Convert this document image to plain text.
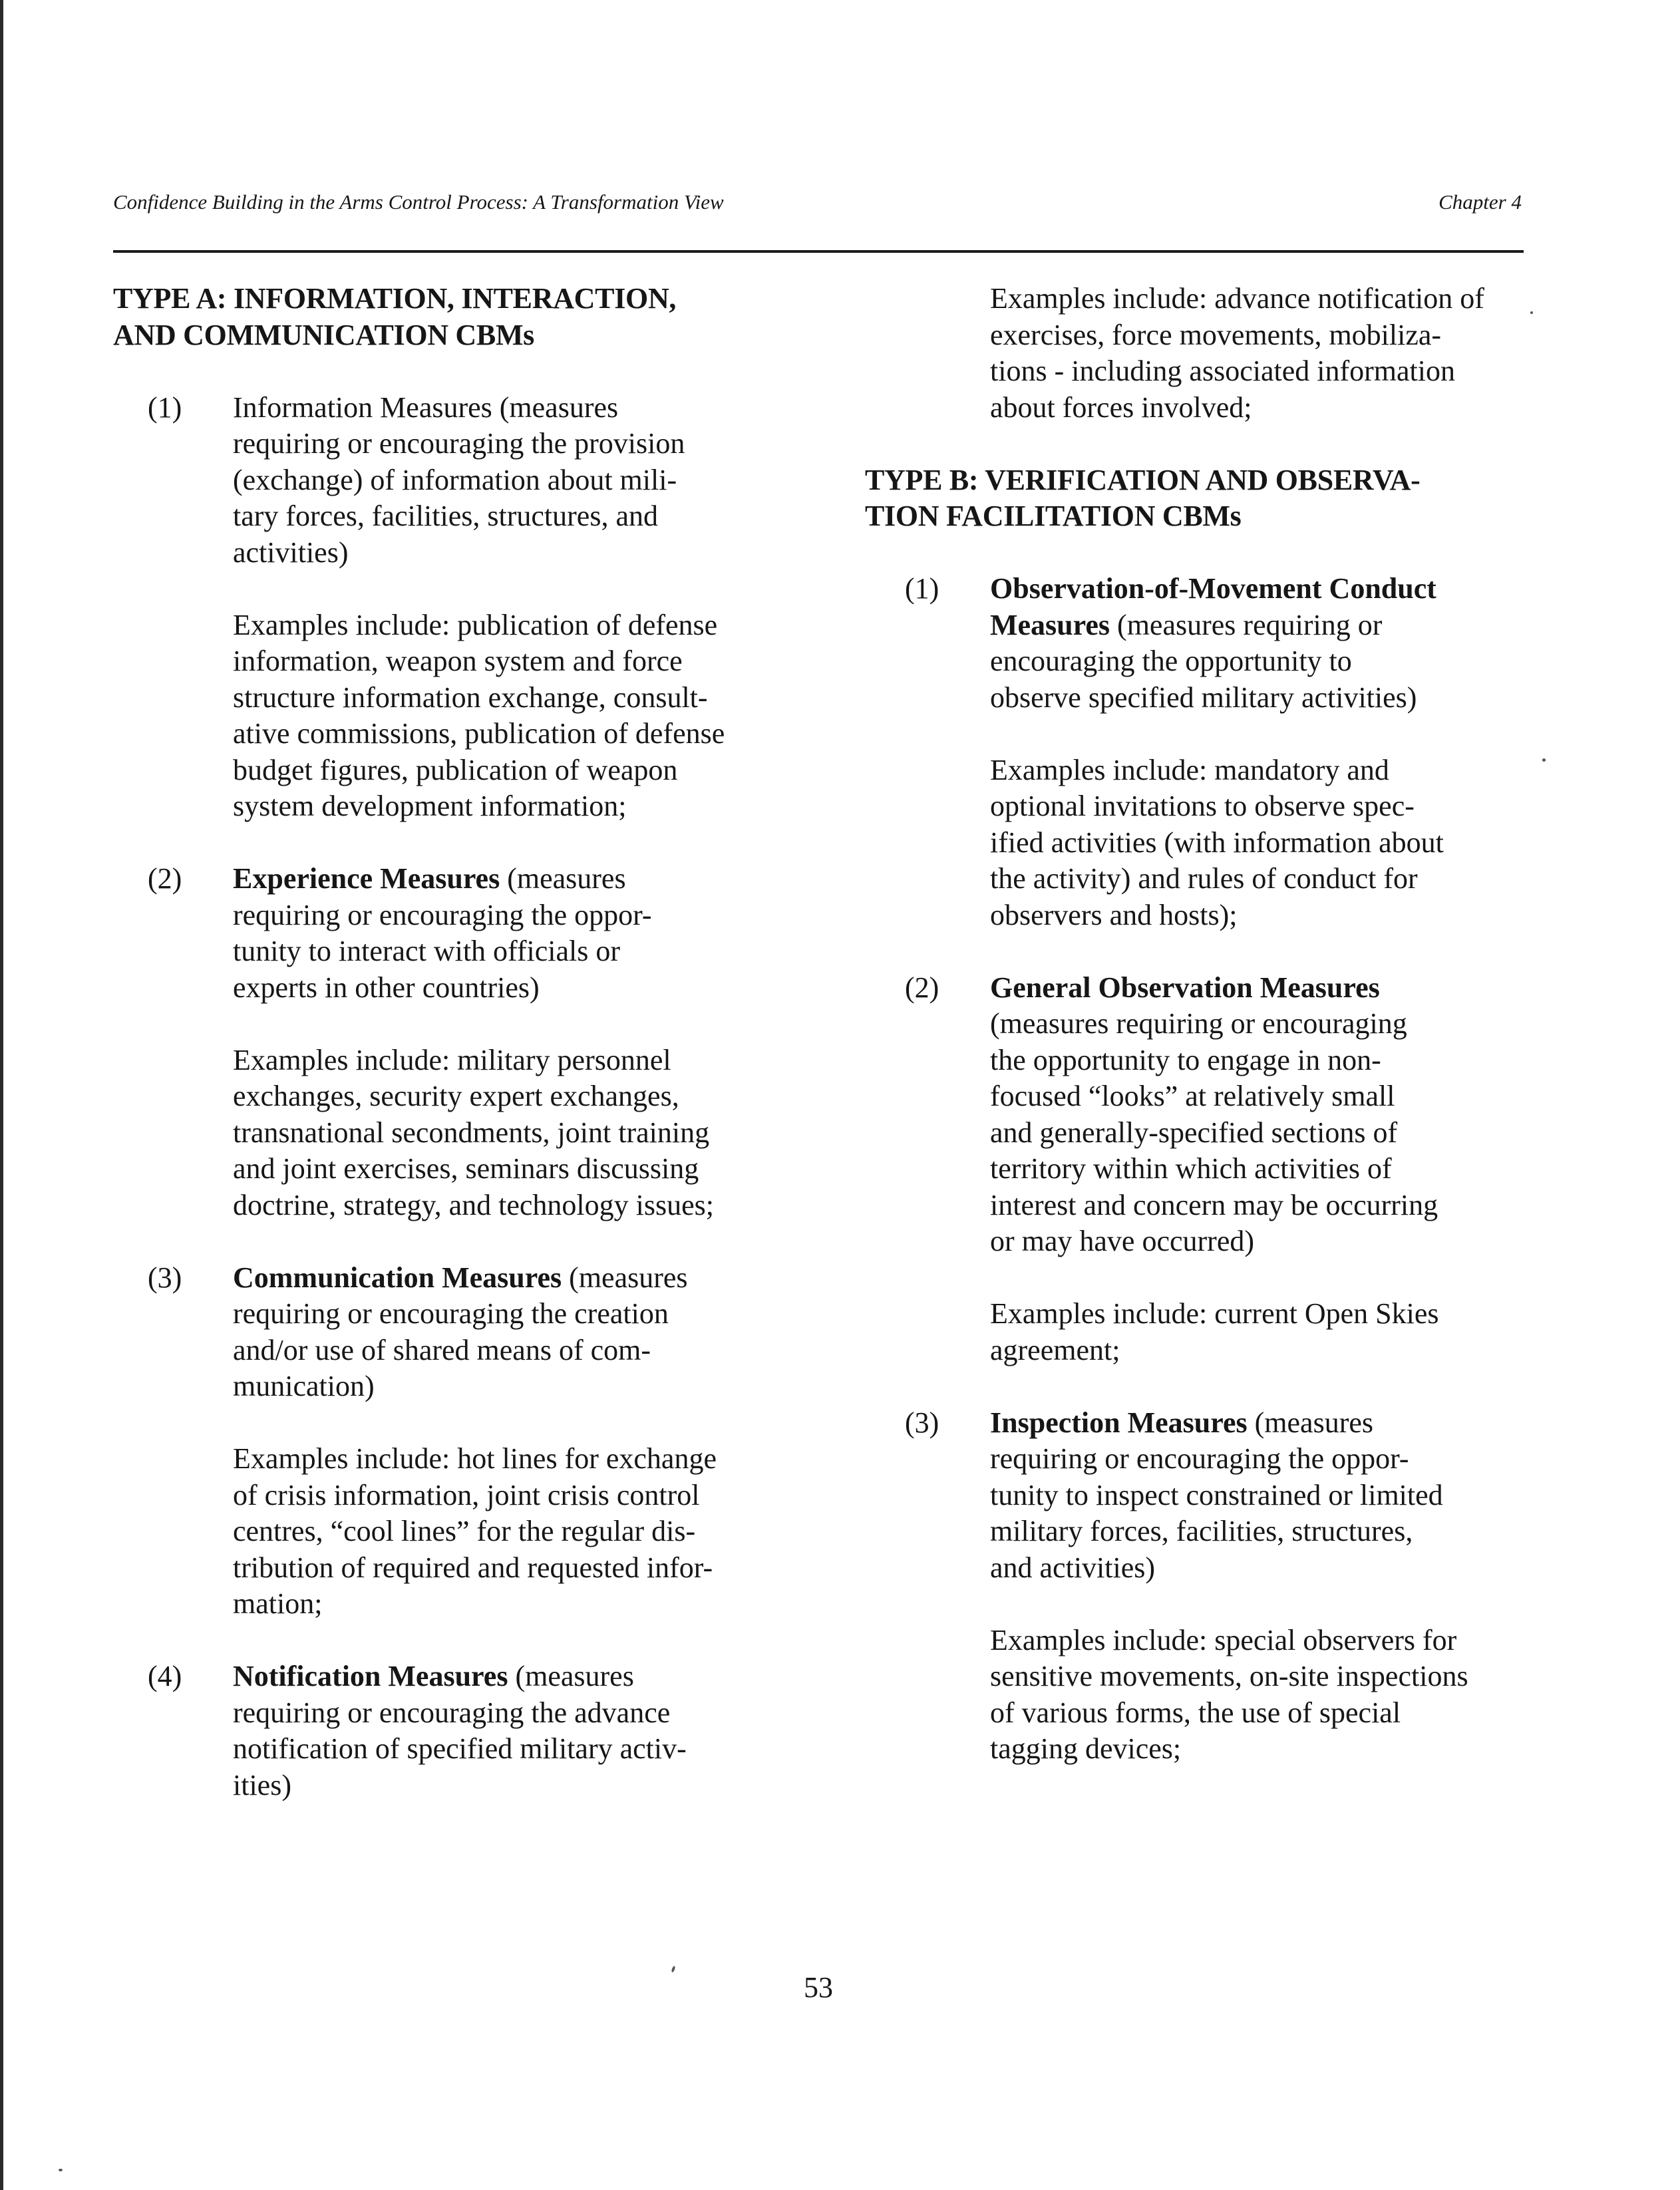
Confidence Building in the Arms Control Process: A Transformation View	Chapter 4

TYPE A: INFORMATION, INTERACTION,
AND COMMUNICATION CBMs

(1) Information Measures (measures
requiring or encouraging the provision
(exchange) of information about mili-
tary forces, facilities, structures, and
activities)

Examples include: publication of defense
information, weapon system and force
structure information exchange, consult-
ative commissions, publication of defense
budget figures, publication of weapon
system development information;

(2) Experience Measures (measures
requiring or encouraging the oppor-
tunity to interact with officials or
experts in other countries)

Examples include: military personnel
exchanges, security expert exchanges,
transnational secondments, joint training
and joint exercises, seminars discussing
doctrine, strategy, and technology issues;

(3) Communication Measures (measures
requiring or encouraging the creation
and/or use of shared means of com-
munication)

Examples include: hot lines for exchange
of crisis information, joint crisis control
centres, “cool lines” for the regular dis-
tribution of required and requested infor-
mation;

(4) Notification Measures (measures
requiring or encouraging the advance
notification of specified military activ-
ities)

Examples include: advance notification of
exercises, force movements, mobiliza-
tions - including associated information
about forces involved;

TYPE B: VERIFICATION AND OBSERVA-
TION FACILITATION CBMs

(1) Observation-of-Movement Conduct
Measures (measures requiring or
encouraging the opportunity to
observe specified military activities)

Examples include: mandatory and
optional invitations to observe spec-
ified activities (with information about
the activity) and rules of conduct for
observers and hosts);

(2) General Observation Measures
(measures requiring or encouraging
the opportunity to engage in non-
focused “looks” at relatively small
and generally-specified sections of
territory within which activities of
interest and concern may be occurring
or may have occurred)

Examples include: current Open Skies
agreement;

(3) Inspection Measures (measures
requiring or encouraging the oppor-
tunity to inspect constrained or limited
military forces, facilities, structures,
and activities)

Examples include: special observers for
sensitive movements, on-site inspections
of various forms, the use of special
tagging devices;

53
